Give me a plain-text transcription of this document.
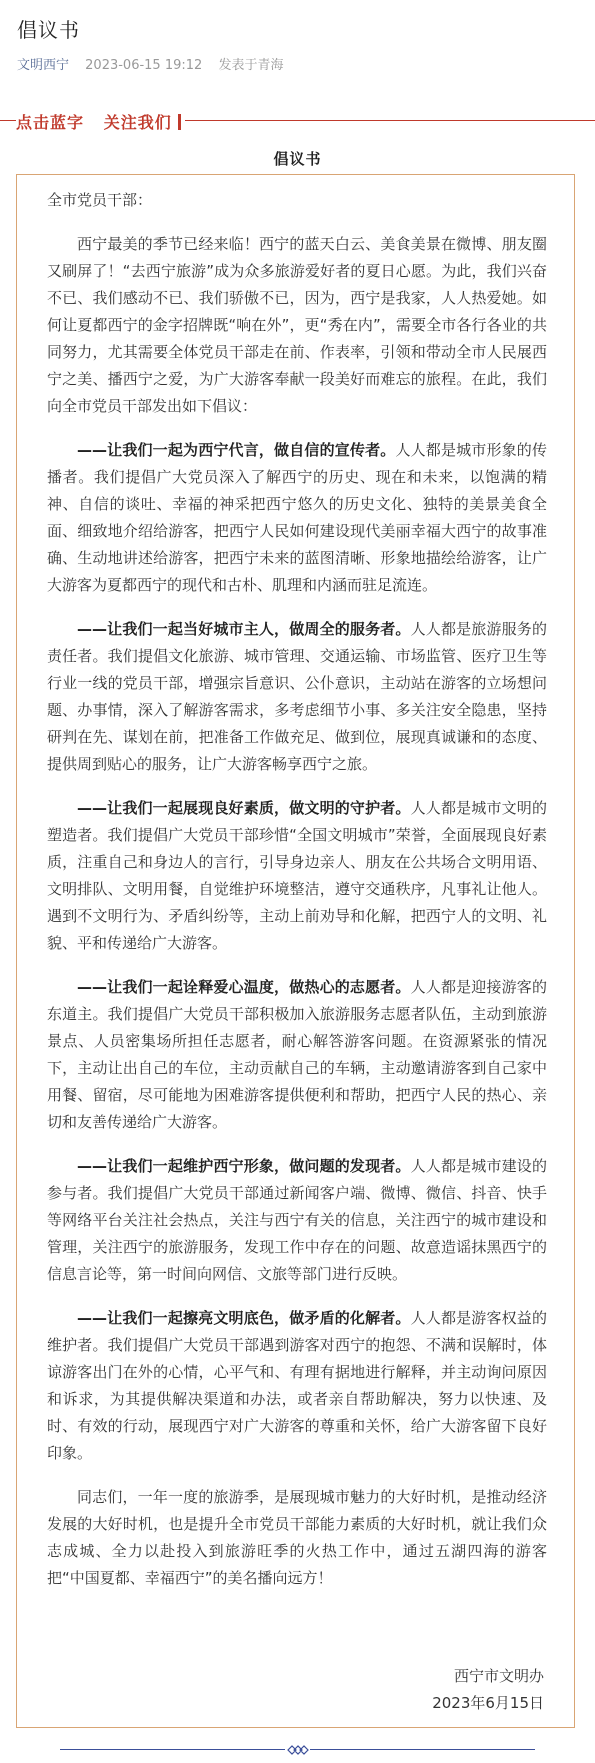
倡议书
文明西宁 2023-06-15 19:12 发表于青海
点击蓝字   关注我们
倡议书

全市党员干部：

西宁最美的季节已经来临！西宁的蓝天白云、美食美景在微博、朋友圈又刷屏了！“去西宁旅游”成为众多旅游爱好者的夏日心愿。为此，我们兴奋不已、我们感动不已、我们骄傲不已，因为，西宁是我家，人人热爱她。如何让夏都西宁的金字招牌既“响在外”，更“秀在内”，需要全市各行各业的共同努力，尤其需要全体党员干部走在前、作表率，引领和带动全市人民展西宁之美、播西宁之爱，为广大游客奉献一段美好而难忘的旅程。在此，我们向全市党员干部发出如下倡议：

——让我们一起为西宁代言，做自信的宣传者。人人都是城市形象的传播者。我们提倡广大党员深入了解西宁的历史、现在和未来，以饱满的精神、自信的谈吐、幸福的神采把西宁悠久的历史文化、独特的美景美食全面、细致地介绍给游客，把西宁人民如何建设现代美丽幸福大西宁的故事准确、生动地讲述给游客，把西宁未来的蓝图清晰、形象地描绘给游客，让广大游客为夏都西宁的现代和古朴、肌理和内涵而驻足流连。

——让我们一起当好城市主人，做周全的服务者。人人都是旅游服务的责任者。我们提倡文化旅游、城市管理、交通运输、市场监管、医疗卫生等行业一线的党员干部，增强宗旨意识、公仆意识，主动站在游客的立场想问题、办事情，深入了解游客需求，多考虑细节小事、多关注安全隐患，坚持研判在先、谋划在前，把准备工作做充足、做到位，展现真诚谦和的态度、提供周到贴心的服务，让广大游客畅享西宁之旅。

——让我们一起展现良好素质，做文明的守护者。人人都是城市文明的塑造者。我们提倡广大党员干部珍惜“全国文明城市”荣誉，全面展现良好素质，注重自己和身边人的言行，引导身边亲人、朋友在公共场合文明用语、文明排队、文明用餐，自觉维护环境整洁，遵守交通秩序，凡事礼让他人。遇到不文明行为、矛盾纠纷等，主动上前劝导和化解，把西宁人的文明、礼貌、平和传递给广大游客。

——让我们一起诠释爱心温度，做热心的志愿者。人人都是迎接游客的东道主。我们提倡广大党员干部积极加入旅游服务志愿者队伍，主动到旅游景点、人员密集场所担任志愿者，耐心解答游客问题。在资源紧张的情况下，主动让出自己的车位，主动贡献自己的车辆，主动邀请游客到自己家中用餐、留宿，尽可能地为困难游客提供便利和帮助，把西宁人民的热心、亲切和友善传递给广大游客。

——让我们一起维护西宁形象，做问题的发现者。人人都是城市建设的参与者。我们提倡广大党员干部通过新闻客户端、微博、微信、抖音、快手等网络平台关注社会热点，关注与西宁有关的信息，关注西宁的城市建设和管理，关注西宁的旅游服务，发现工作中存在的问题、故意造谣抹黑西宁的信息言论等，第一时间向网信、文旅等部门进行反映。

——让我们一起擦亮文明底色，做矛盾的化解者。人人都是游客权益的维护者。我们提倡广大党员干部遇到游客对西宁的抱怨、不满和误解时，体谅游客出门在外的心情，心平气和、有理有据地进行解释，并主动询问原因和诉求，为其提供解决渠道和办法，或者亲自帮助解决，努力以快速、及时、有效的行动，展现西宁对广大游客的尊重和关怀，给广大游客留下良好印象。

同志们，一年一度的旅游季，是展现城市魅力的大好时机，是推动经济发展的大好时机，也是提升全市党员干部能力素质的大好时机，就让我们众志成城、全力以赴投入到旅游旺季的火热工作中，通过五湖四海的游客把“中国夏都、幸福西宁”的美名播向远方！

西宁市文明办
2023年6月15日
